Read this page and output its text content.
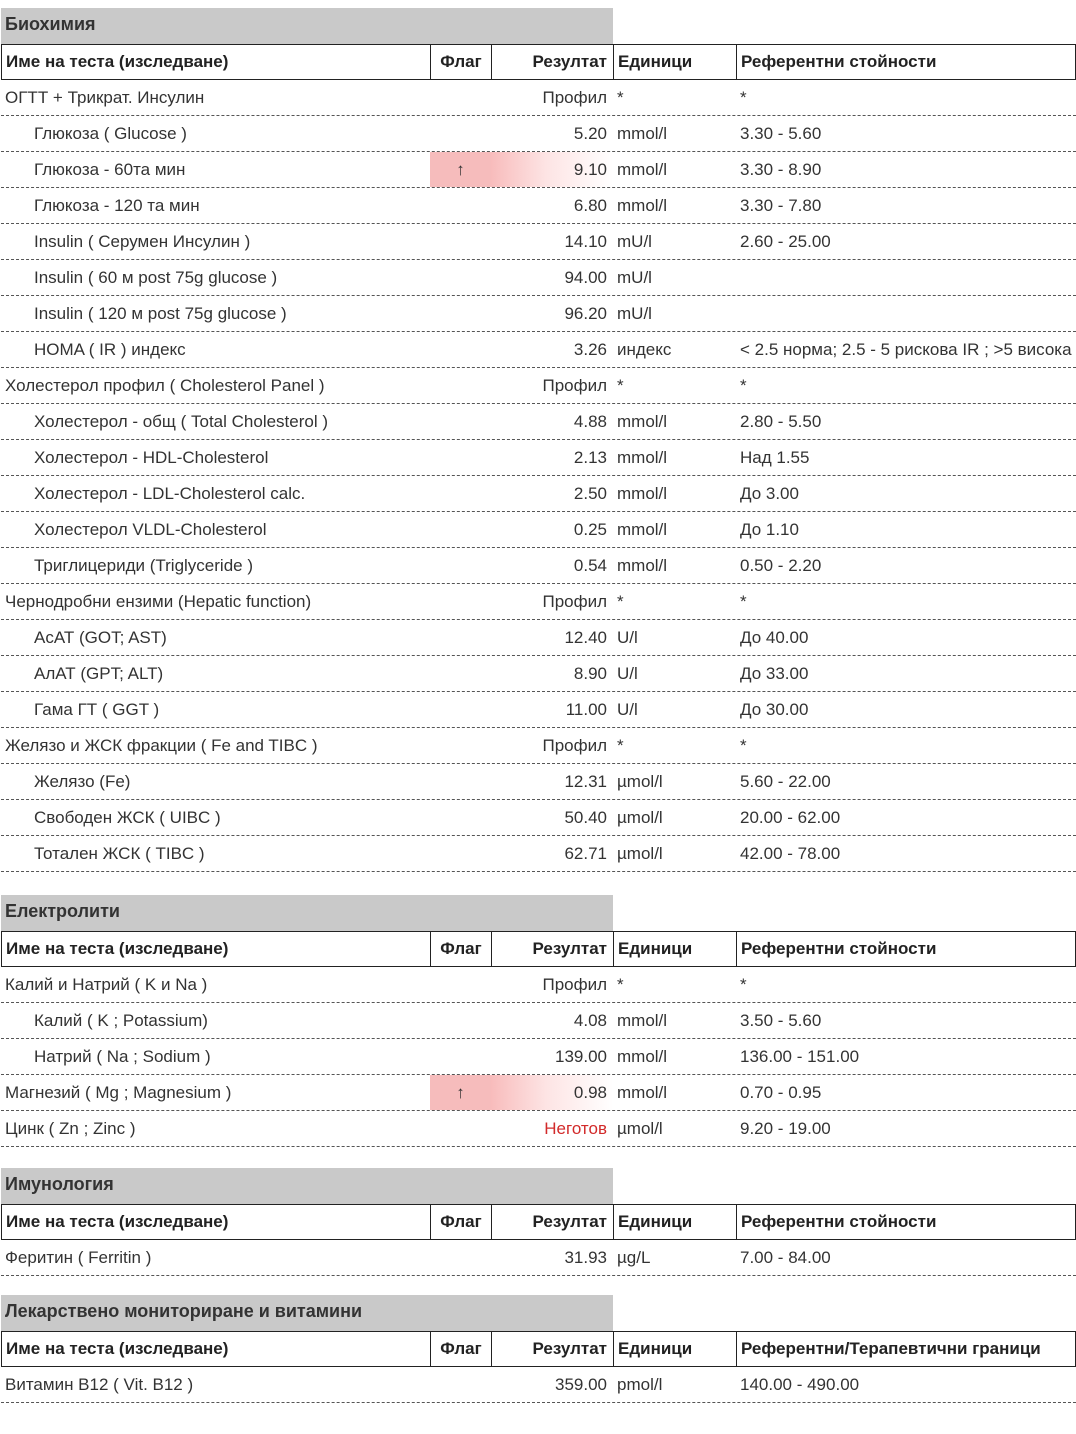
Биохимия
Име на теста (изследване)	Флаг	Резултат Единици	Референтни стойности
ОГТТ + Трикрат. Инсулин	Профил *	*
Глюкоза ( Glucose )	5.20 mmol/l	3.30 - 5.60
Глюкоза - 60та мин	↑	9.10 mmol/l	3.30 - 8.90
Глюкоза - 120 та мин	6.80 mmol/l	3.30 - 7.80
Insulin ( Серумен Инсулин )	14.10 mU/l	2.60 - 25.00
Insulin ( 60 м post 75g glucose )	94.00 mU/l
Insulin ( 120 м post 75g glucose )	96.20 mU/l
HOMA ( IR ) индекс	3.26 индекс	< 2.5 норма; 2.5 - 5 рискова IR ; >5 висока
Холестерол профил ( Cholesterol Panel )	Профил *	*
Холестерол - общ ( Total Cholesterol )	4.88 mmol/l	2.80 - 5.50
Холестерол - HDL-Cholesterol	2.13 mmol/l	Над 1.55
Холестерол - LDL-Cholesterol calc.	2.50 mmol/l	До 3.00
Холестерол VLDL-Cholesterol	0.25 mmol/l	До 1.10
Триглицериди (Triglyceride )	0.54 mmol/l	0.50 - 2.20
Чернодробни ензими (Hepatic function)	Профил *	*
АсАТ (GOT; AST)	12.40 U/l	До 40.00
АлАТ (GPT; ALT)	8.90 U/l	До 33.00
Гама ГТ ( GGT )	11.00 U/l	До 30.00
Желязо и ЖСК фракции ( Fe and TIBC )	Профил *	*
Желязо (Fe)	12.31 µmol/l	5.60 - 22.00
Свободен ЖСК ( UIBC )	50.40 µmol/l	20.00 - 62.00
Тотален ЖСК ( TIBC )	62.71 µmol/l	42.00 - 78.00
Електролити
Име на теста (изследване)	Флаг	Резултат Единици	Референтни стойности
Калий и Натрий ( K и Na )	Профил *	*
Калий ( K ; Potassium)	4.08 mmol/l	3.50 - 5.60
Натрий ( Na ; Sodium )	139.00 mmol/l	136.00 - 151.00
Магнезий ( Mg ; Magnesium )	↑	0.98 mmol/l	0.70 - 0.95
Цинк ( Zn ; Zinc )	Неготов µmol/l	9.20 - 19.00
Имунология
Име на теста (изследване)	Флаг	Резултат Единици	Референтни стойности
Феритин ( Ferritin )	31.93 µg/L	7.00 - 84.00
Лекарствено мониториране и витамини
Име на теста (изследване)	Флаг	Резултат Единици	Референтни/Терапевтични граници
Витамин B12 ( Vit. B12 )	359.00 pmol/l	140.00 - 490.00
